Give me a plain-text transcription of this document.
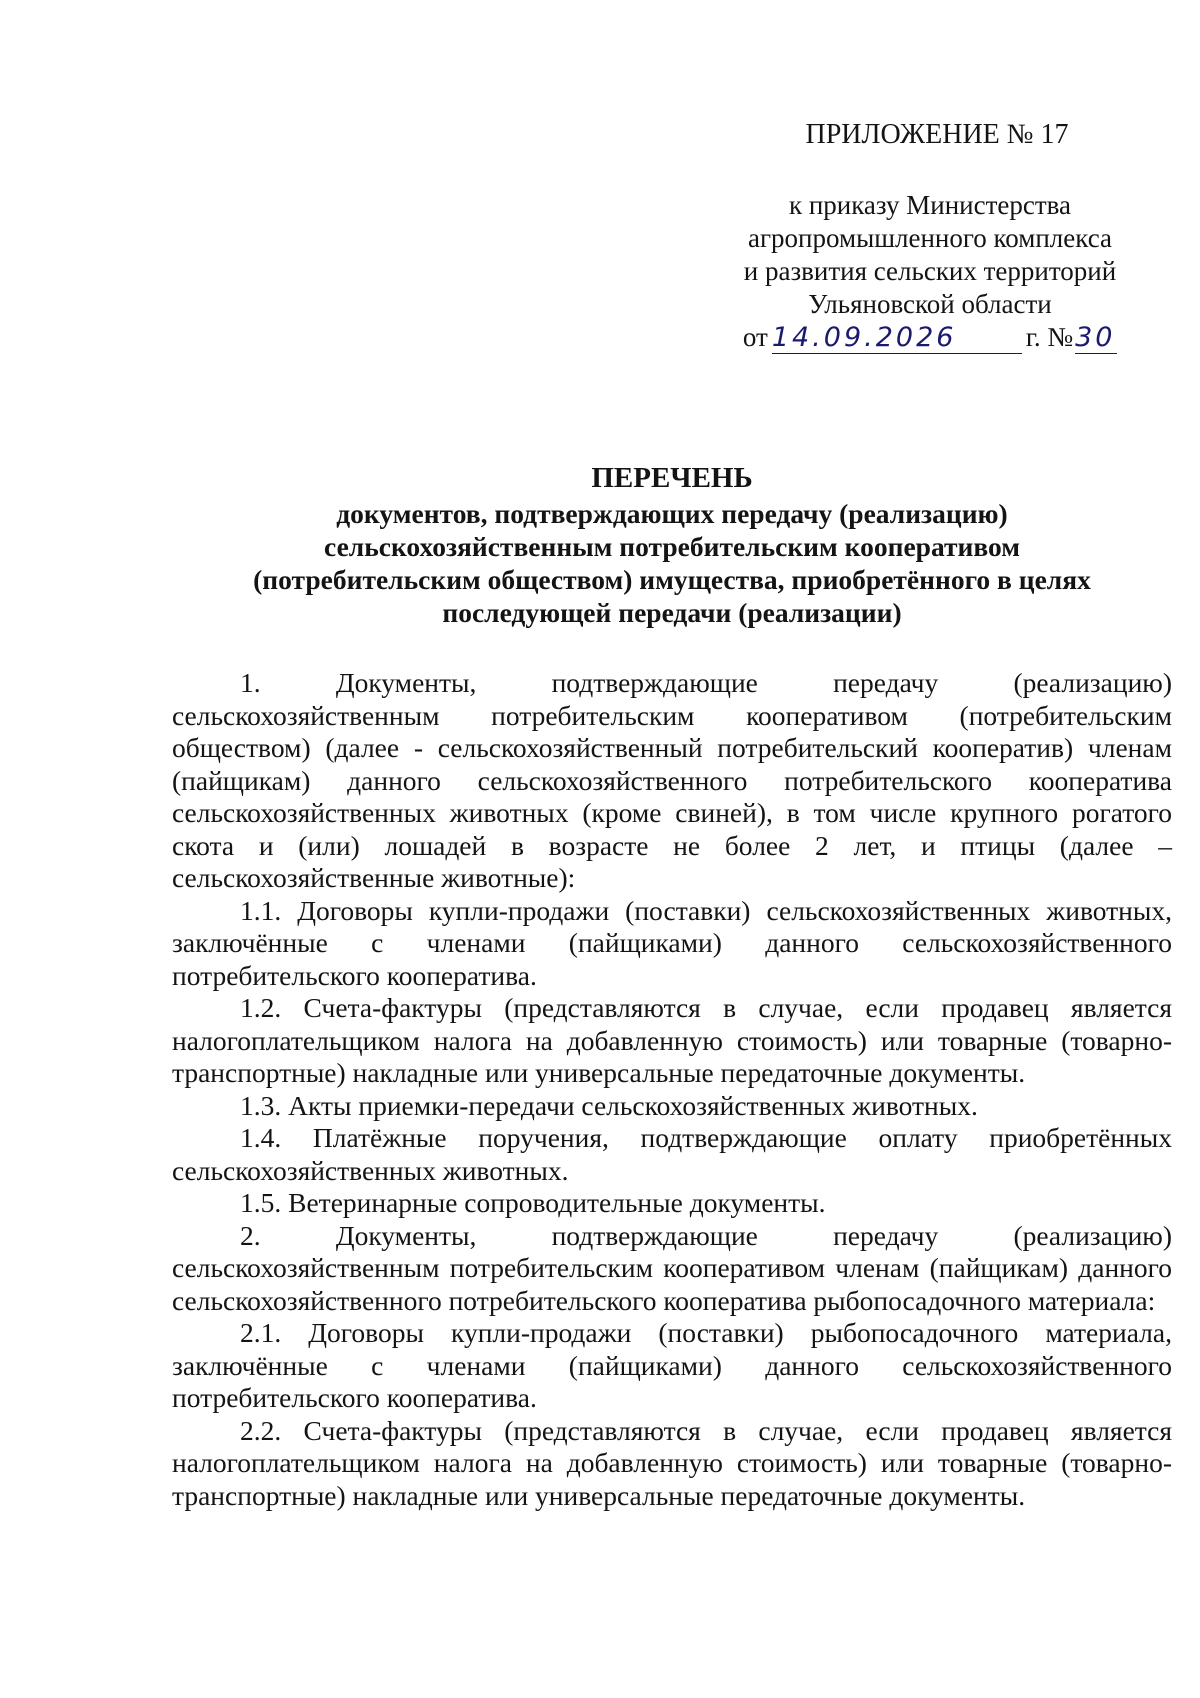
ПРИЛОЖЕНИЕ № 17
к приказу Министерства
агропромышленного комплекса
и развития сельских территорий
Ульяновской области
от 14.09.2026	г. №30
ПЕРЕЧЕНЬ
документов, подтверждающих передачу (реализацию)
сельскохозяйственным потребительским кооперативом
(потребительским обществом) имущества, приобретённого в целях
последующей передачи (реализации)

1. Документы, подтверждающие передачу (реализацию) сельскохозяйственным потребительским кооперативом (потребительским обществом) (далее - сельскохозяйственный потребительский кооператив) членам (пайщикам) данного сельскохозяйственного потребительского кооператива сельскохозяйственных животных (кроме свиней), в том числе крупного рогатого скота и (или) лошадей в возрасте не более 2 лет, и птицы (далее – сельскохозяйственные животные):

1.1. Договоры купли-продажи (поставки) сельскохозяйственных животных, заключённые с членами (пайщиками) данного сельскохозяйственного потребительского кооператива.

1.2. Счета-фактуры (представляются в случае, если продавец является налогоплательщиком налога на добавленную стоимость) или товарные (товарно-транспортные) накладные или универсальные передаточные документы.

1.3. Акты приемки-передачи сельскохозяйственных животных.

1.4. Платёжные поручения, подтверждающие оплату приобретённых сельскохозяйственных животных.

1.5. Ветеринарные сопроводительные документы.

2. Документы, подтверждающие передачу (реализацию) сельскохозяйственным потребительским кооперативом членам (пайщикам) данного сельскохозяйственного потребительского кооператива рыбопосадочного материала:

2.1. Договоры купли-продажи (поставки) рыбопосадочного материала, заключённые с членами (пайщиками) данного сельскохозяйственного потребительского кооператива.

2.2. Счета-фактуры (представляются в случае, если продавец является налогоплательщиком налога на добавленную стоимость) или товарные (товарно-транспортные) накладные или универсальные передаточные документы.
